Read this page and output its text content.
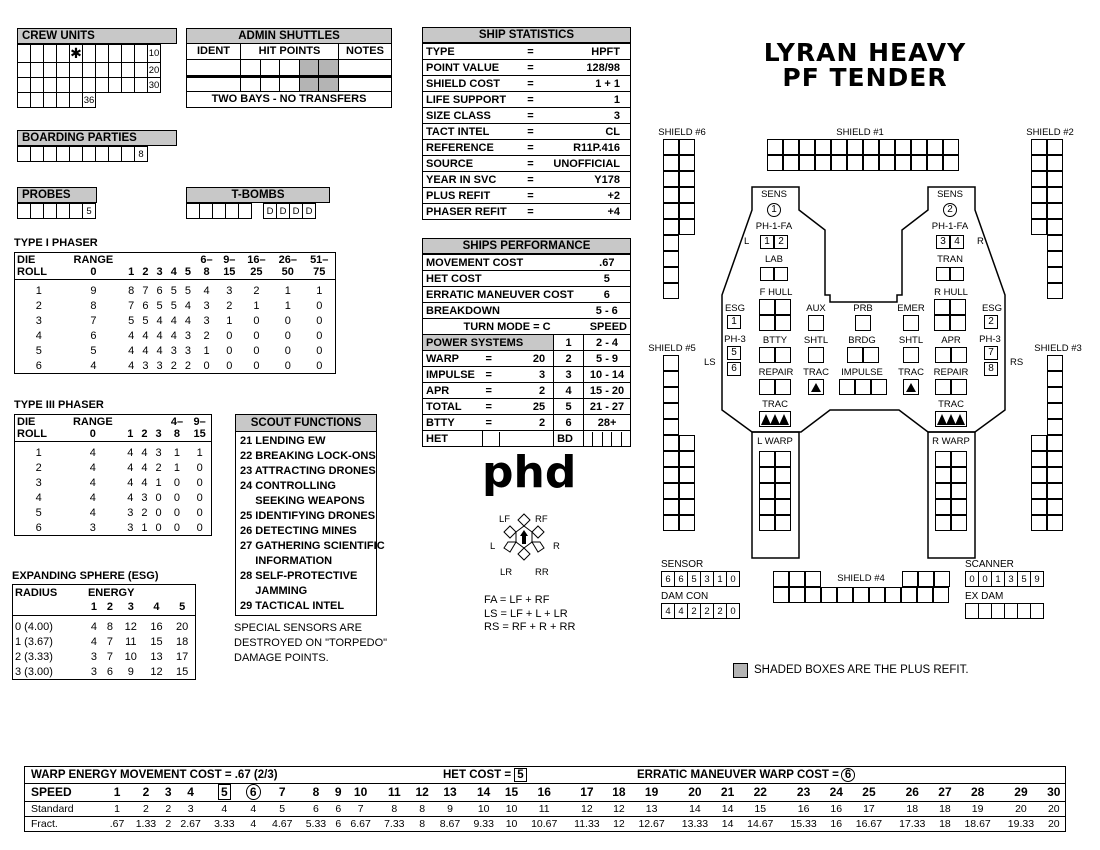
LYRAN HEAVY
PF TENDER
CREW UNITS
				✱						10
										20
										30
					36					
ADMIN SHUTTLES
IDENT	HIT POINTS	NOTES
TWO BAYS - NO TRANSFERS
BOARDING PARTIES
									8
PROBES
					5
T-BOMBS
						D	D	D	D
TYPE I PHASER
DIE	RANGE						6–	9–	16–	26–	51–
ROLL	0	1	2	3	4	5	8	15	25	50	75

1	9	8	7	6	5	5	4	3	2	1	1
2	8	7	6	5	5	4	3	2	1	1	0
3	7	5	5	4	4	4	3	1	0	0	0
4	6	4	4	4	4	3	2	0	0	0	0
5	5	4	4	4	3	3	1	0	0	0	0
6	4	4	3	3	2	2	0	0	0	0	0
TYPE III PHASER
DIE	RANGE				4–	9–
ROLL	0	1	2	3	8	15

1	4	4	4	3	1	1
2	4	4	4	2	1	0
3	4	4	4	1	0	0
4	4	4	3	0	0	0
5	4	3	2	0	0	0
6	3	3	1	0	0	0
EXPANDING SPHERE (ESG)
RADIUS	ENERGY				
	1	2	3	4	5

0 (4.00)	4	8	12	16	20
1 (3.67)	4	7	11	15	18
2 (3.33)	3	7	10	13	17
3 (3.00)	3	6	9	12	15
SCOUT FUNCTIONS
21 LENDING EW
22 BREAKING LOCK-ONS
23 ATTRACTING DRONES
24 CONTROLLING
SEEKING WEAPONS
25 IDENTIFYING DRONES
26 DETECTING MINES
27 GATHERING SCIENTIFIC
INFORMATION
28 SELF-PROTECTIVE
JAMMING
29 TACTICAL INTEL
SPECIAL SENSORS ARE
DESTROYED ON "TORPEDO"
DAMAGE POINTS.
SHIP STATISTICS
TYPE	=	HPFT
POINT VALUE	=	128/98
SHIELD COST	=	1 + 1
LIFE SUPPORT	=	1
SIZE CLASS	=	3
TACT INTEL	=	CL
REFERENCE	=	R11P.416
SOURCE	=	UNOFFICIAL
YEAR IN SVC	=	Y178
PLUS REFIT	=	+2
PHASER REFIT	=	+4
SHIPS PERFORMANCE
MOVEMENT COST				.67
HET COST				5
ERRATIC MANEUVER COST				6
BREAKDOWN				5 - 6
TURN MODE = C			SPEED	
POWER SYSTEMS			1	2 - 4
WARP	=	20	2	5 - 9
IMPULSE	=	3	3	10 - 14
APR	=	2	4	15 - 20
TOTAL	=	25	5	21 - 27
BTTY	=	2	6	28+
HET			BD	
phd
LF	RF
L	R
LR RR
FA = LF + RF
LS = LF + L + LR
RS = RF + R + RR
SHIELD #6	SHIELD #1	SHIELD #2
SHIELD #5	SHIELD #3
SHIELD #4
SENS
1
PH-1-FA
1 2
LAB
SENS
2
PH-1-FA
3 4
TRAN
L	R
F HULL	R HULL
ESG
1
ESG
2
AUX	PRB	EMER
PH-3
5
6
PH-3
7
8
LS	RS
BTTY SHTL BRDG SHTL APR
REPAIR TRAC IMPULSE TRAC REPAIR
TRAC	TRAC
L WARP	R WARP
SENSOR
6	6	5	3	1	0
DAM CON
4	4	2	2	2	0
SCANNER
0	0	1	3	5	9
EX DAM

SHADED BOXES ARE THE PLUS REFIT.
WARP ENERGY MOVEMENT COST = .67 (2/3)	HET COST = 5	ERRATIC MANEUVER WARP COST = 6
SPEED	1	2	3	4	5	6	7	8	9	10	11	12	13	14	15	16	17	18	19	20	21	22	23	24	25	26	27	28	29	30
Standard	1	2	2	3	4	4	5	6	6	7	8	8	9	10	10	11	12	12	13	14	14	15	16	16	17	18	18	19	20	20
Fract.	.67	1.33	2	2.67	3.33	4	4.67	5.33	6	6.67	7.33	8	8.67	9.33	10	10.67	11.33	12	12.67	13.33	14	14.67	15.33	16	16.67	17.33	18	18.67	19.33	20
